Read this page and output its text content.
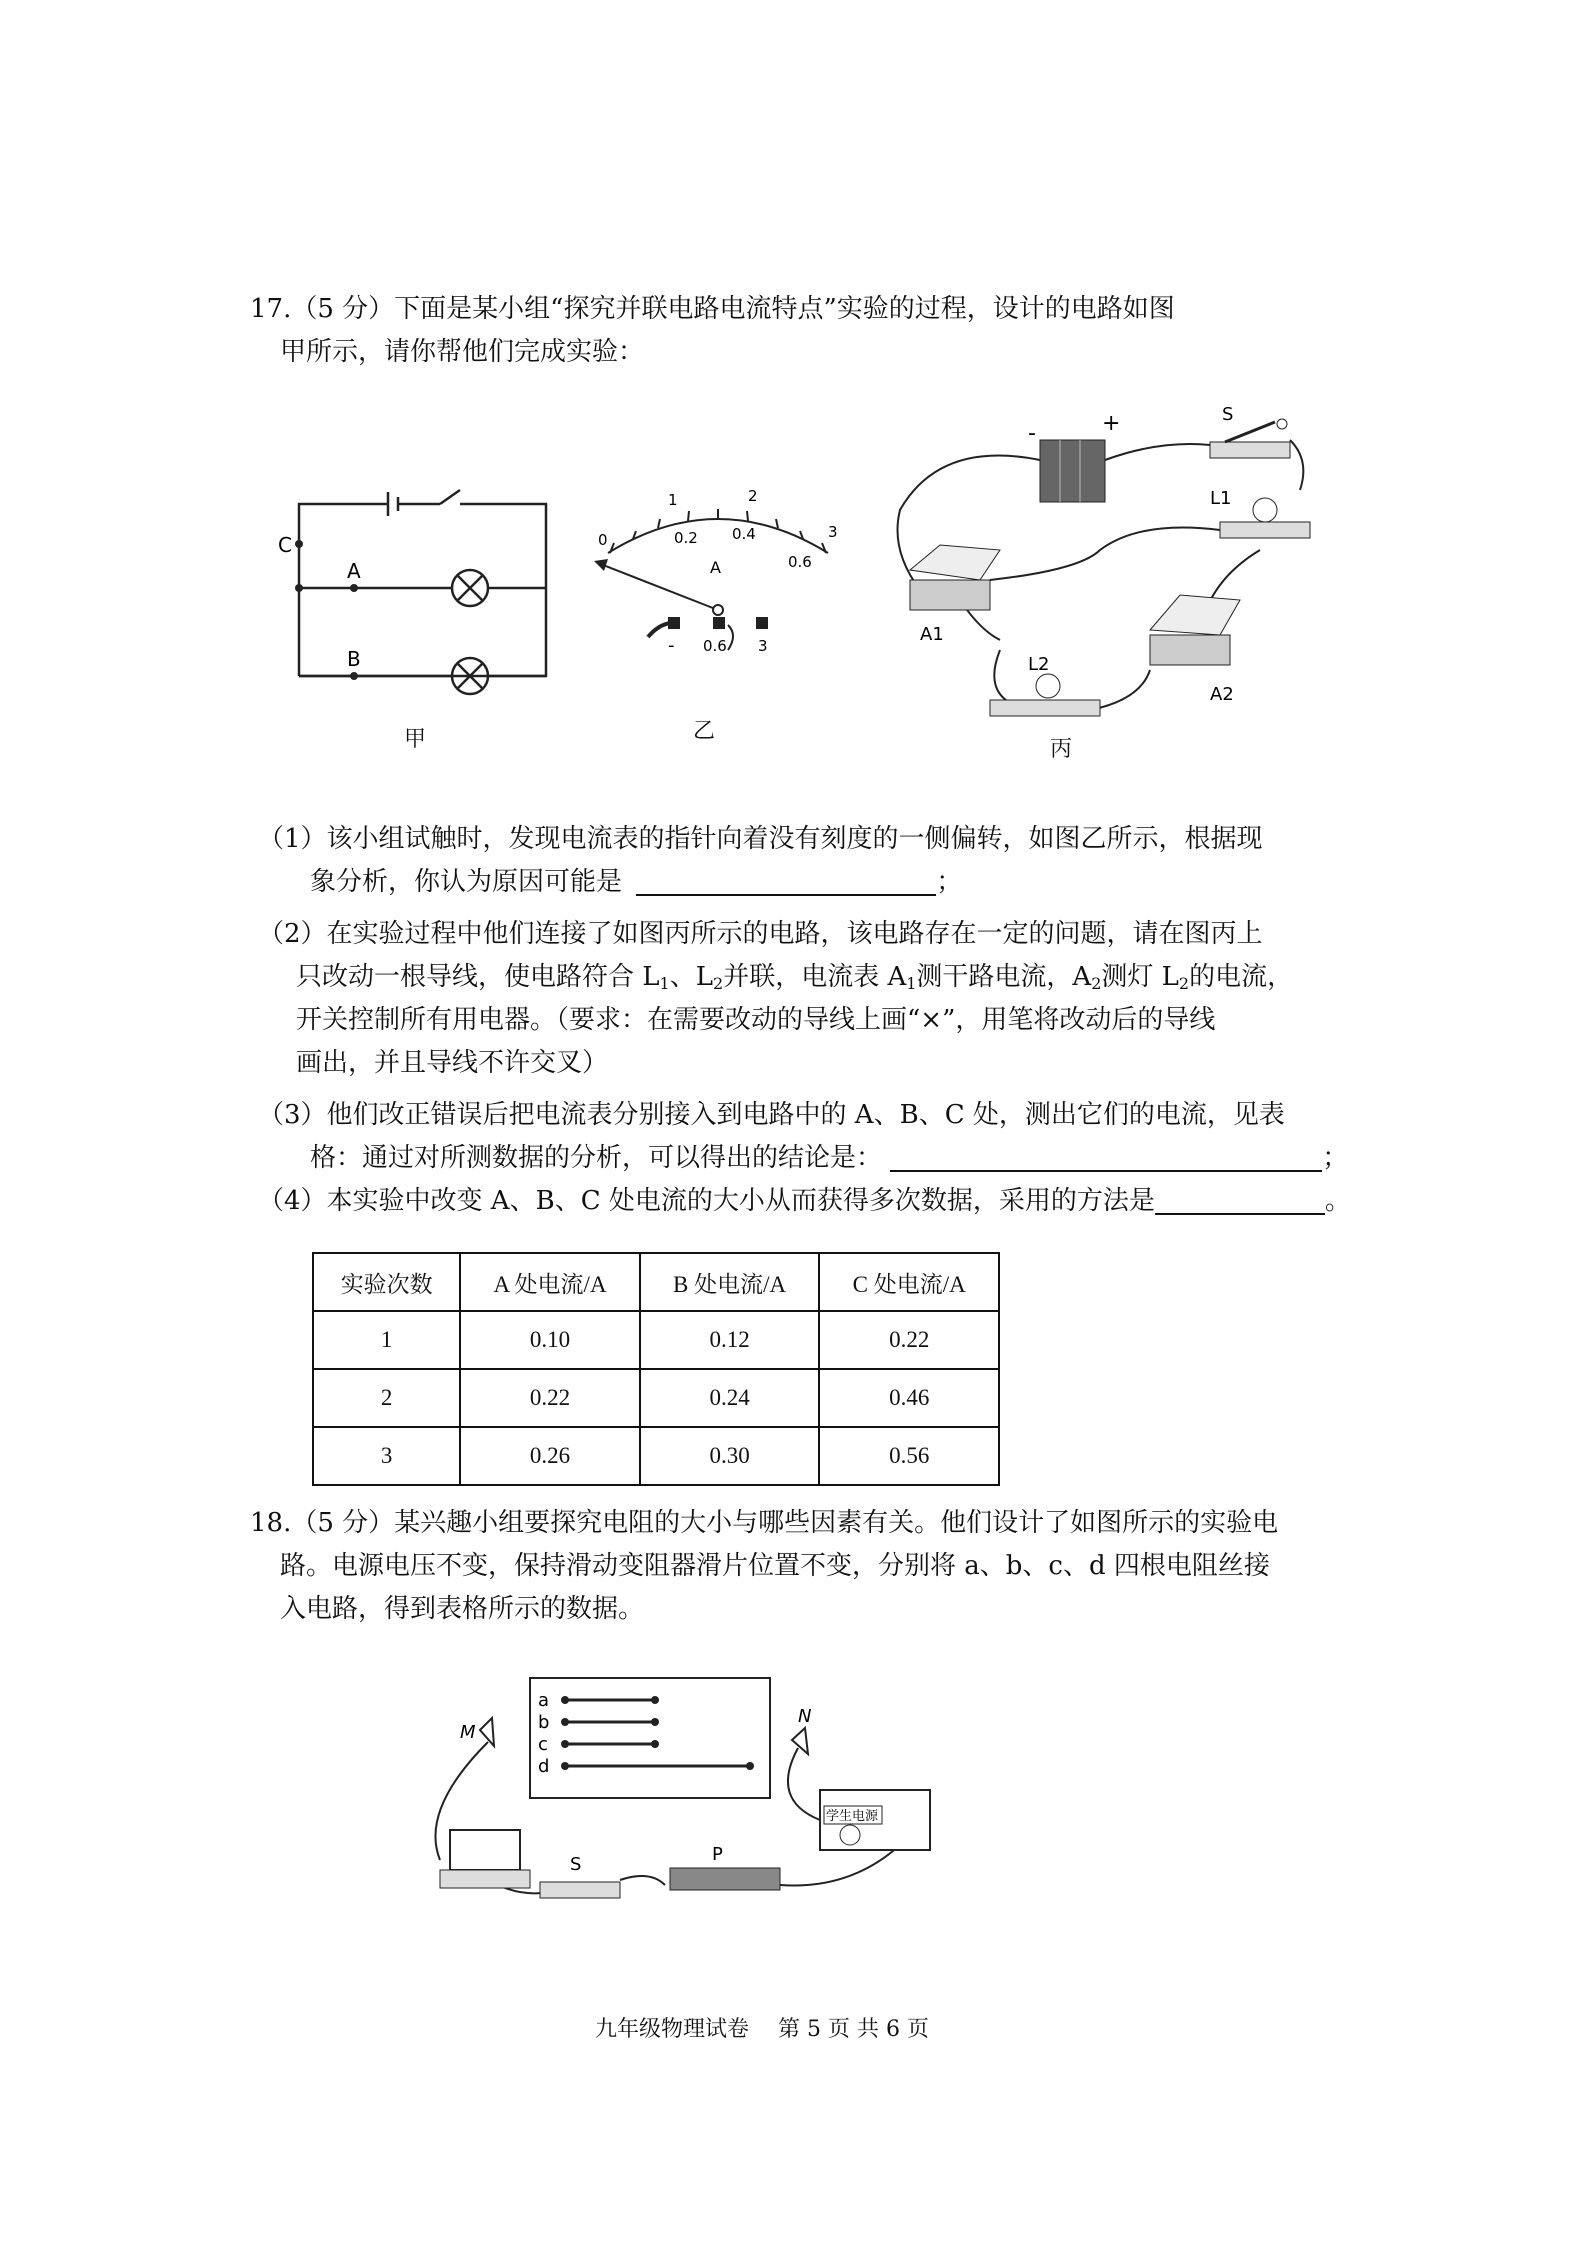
17.（5 分）下面是某小组“探究并联电路电流特点”实验的过程，设计的电路如图
甲所示，请你帮他们完成实验：
C
A
B
甲
0
1	2
3
0.2 0.4
0.6
A
- 0.6 3
乙
-	+	S
L1
A1
A2
L2
丙
（1）该小组试触时，发现电流表的指针向着没有刻度的一侧偏转，如图乙所示，根据现
象分析，你认为原因可能是	；
（2）在实验过程中他们连接了如图丙所示的电路，该电路存在一定的问题，请在图丙上
只改动一根导线，使电路符合 $L_1$、$L_2$并联，电流表 $A_1$测干路电流，$A_2$测灯 $L_2$的电流，
开关控制所有用电器。（要求：在需要改动的导线上画“×”，用笔将改动后的导线
画出，并且导线不许交叉）
（3）他们改正错误后把电流表分别接入到电路中的 A、B、C 处，测出它们的电流，见表
格：通过对所测数据的分析，可以得出的结论是：	；
（4）本实验中改变 A、B、C 处电流的大小从而获得多次数据，采用的方法是	。
实验次数	A 处电流/A	B 处电流/A	C 处电流/A
1	0.10	0.12	0.22
2	0.22	0.24	0.46
3	0.26	0.30	0.56
18.（5 分）某兴趣小组要探究电阻的大小与哪些因素有关。他们设计了如图所示的实验电
路。电源电压不变，保持滑动变阻器滑片位置不变，分别将 a、b、c、d 四根电阻丝接
入电路，得到表格所示的数据。
a
b
c
d
M
N
S	P
学生电源
九年级物理试卷　 第 5 页 共 6 页
